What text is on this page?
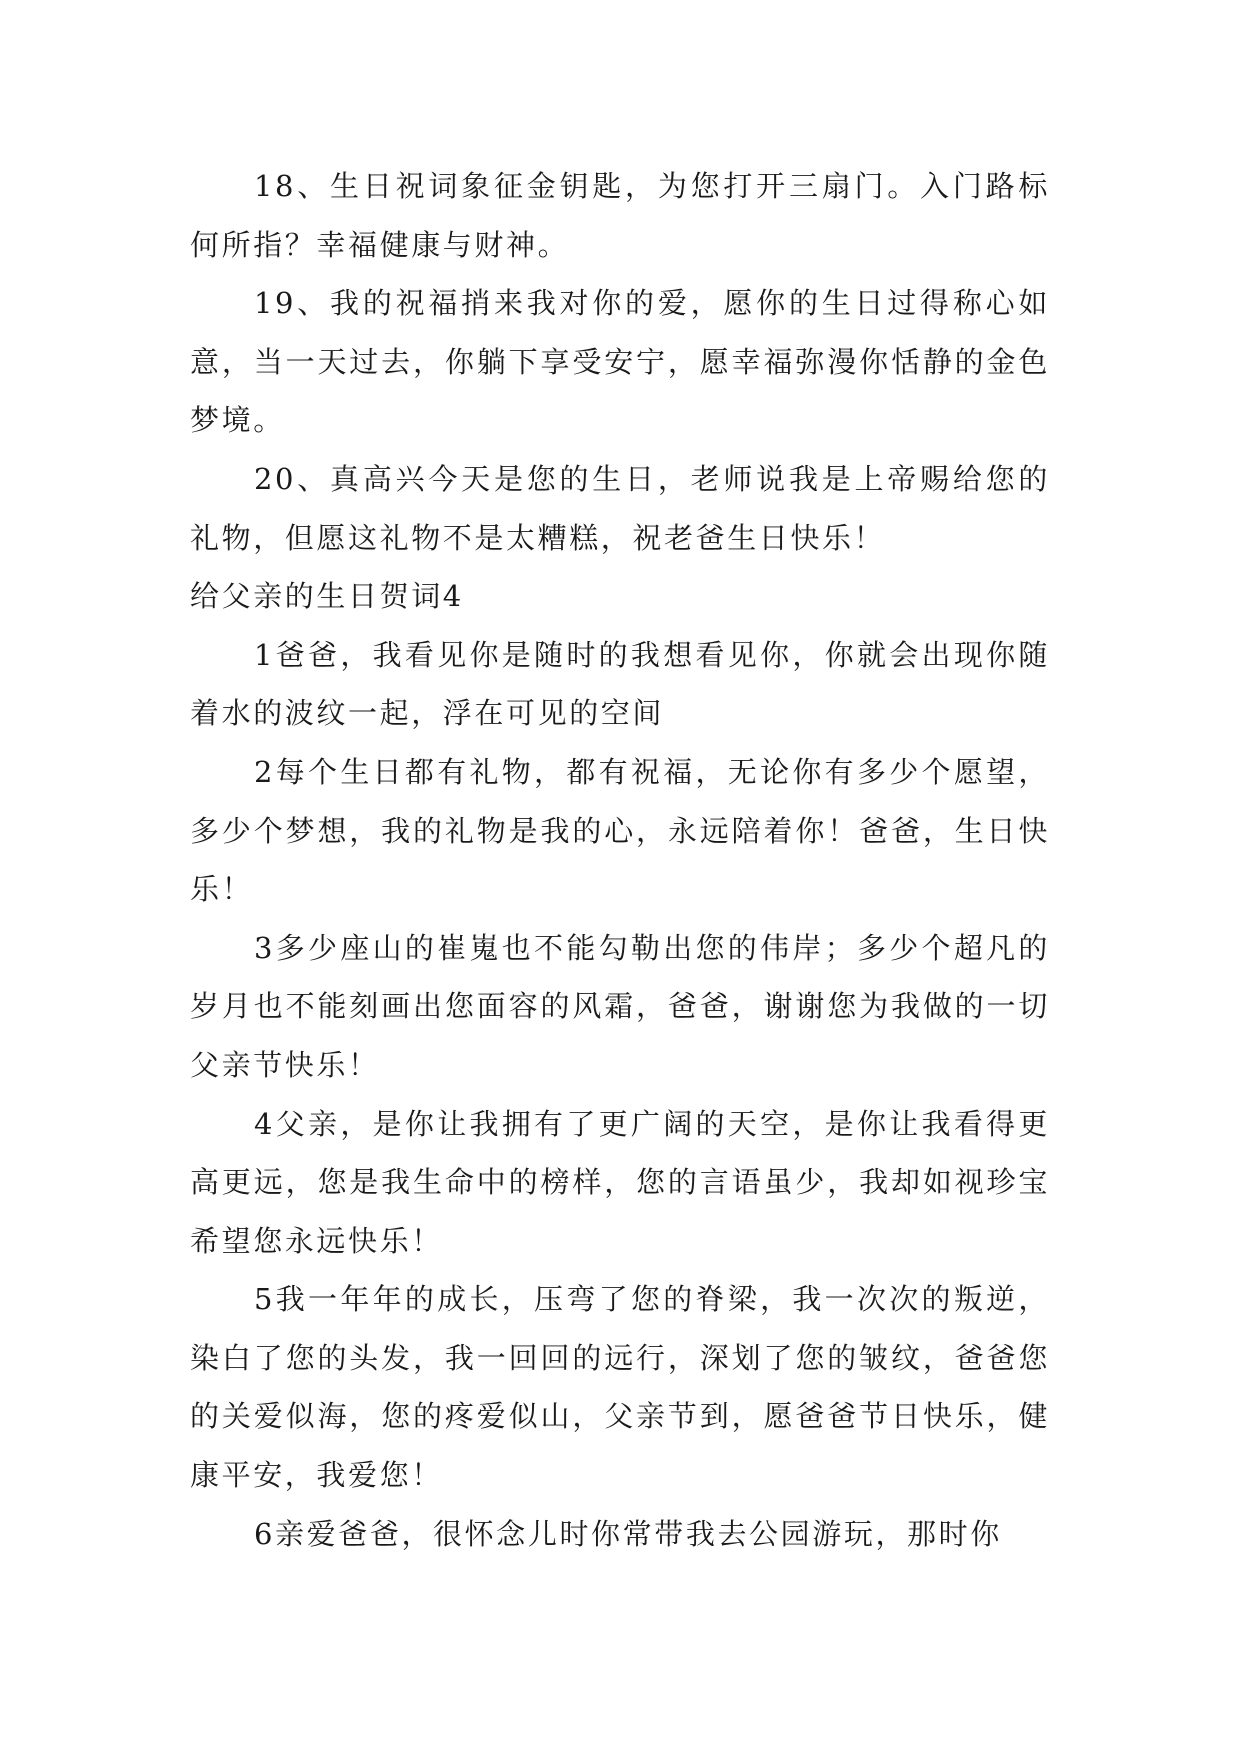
18、生日祝词象征金钥匙，为您打开三扇门。入门路标何所指？幸福健康与财神。

19、我的祝福捎来我对你的爱，愿你的生日过得称心如意，当一天过去，你躺下享受安宁，愿幸福弥漫你恬静的金色梦境。

20、真高兴今天是您的生日，老师说我是上帝赐给您的礼物，但愿这礼物不是太糟糕，祝老爸生日快乐！

给父亲的生日贺词4

1爸爸，我看见你是随时的我想看见你，你就会出现你随着水的波纹一起，浮在可见的空间

2每个生日都有礼物，都有祝福，无论你有多少个愿望，多少个梦想，我的礼物是我的心，永远陪着你！爸爸，生日快乐！

3多少座山的崔嵬也不能勾勒出您的伟岸；多少个超凡的岁月也不能刻画出您面容的风霜，爸爸，谢谢您为我做的一切父亲节快乐！

4父亲，是你让我拥有了更广阔的天空，是你让我看得更高更远，您是我生命中的榜样，您的言语虽少，我却如视珍宝希望您永远快乐！

5我一年年的成长，压弯了您的脊梁，我一次次的叛逆，染白了您的头发，我一回回的远行，深划了您的皱纹，爸爸您的关爱似海，您的疼爱似山，父亲节到，愿爸爸节日快乐，健康平安，我爱您！

6亲爱爸爸，很怀念儿时你常带我去公园游玩，那时你
